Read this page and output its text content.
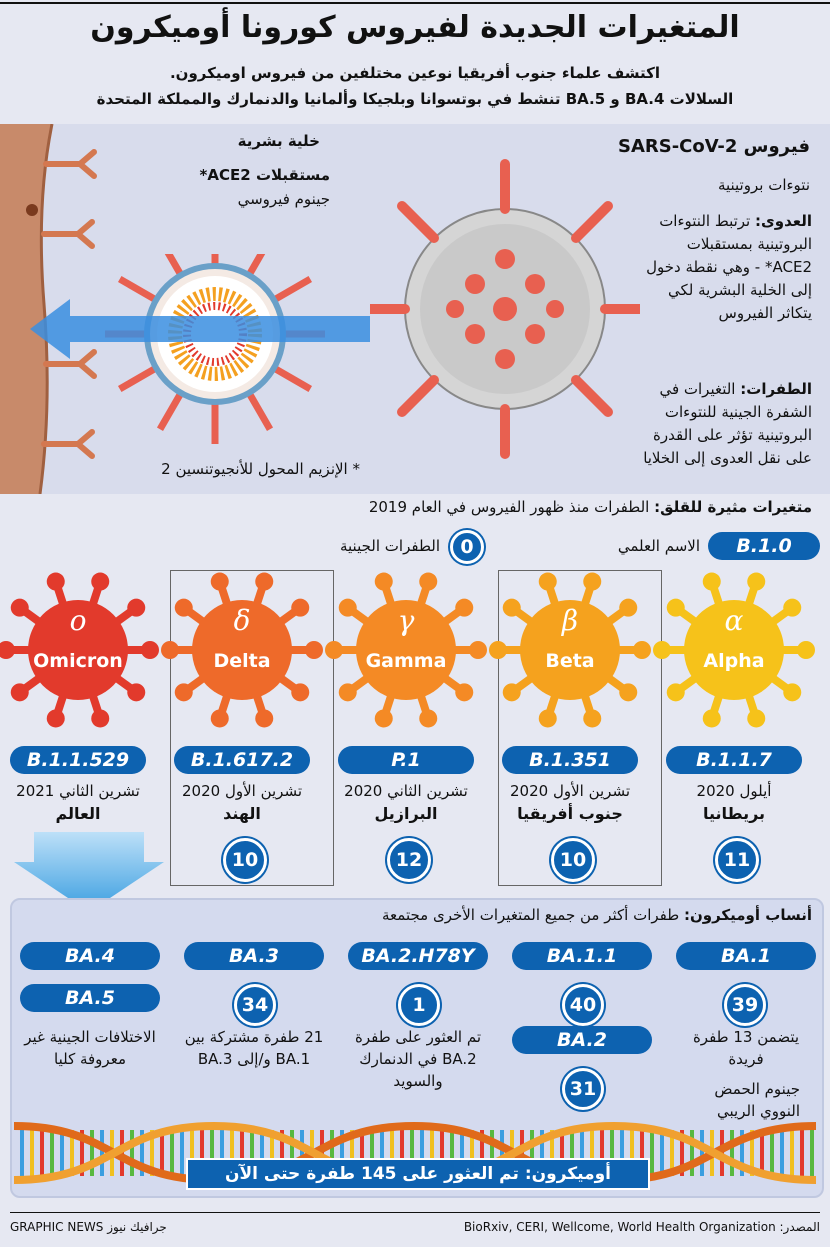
المتغيرات الجديدة لفيروس كورونا أوميكرون
اكتشف علماء جنوب أفريقيا نوعين مختلفين من فيروس اوميكرون.
السلالات BA.4 و BA.5 تنشط في بوتسوانا وبلجيكا وألمانيا والدنمارك والمملكة المتحدة
خلية بشرية
مستقبلات ACE2*
جينوم فيروسي
فيروس SARS-CoV-2
نتوءات بروتينية
العدوى: ترتبط النتوءات البروتينية بمستقبلات ACE2* - وهي نقطة دخول إلى الخلية البشرية لكي يتكاثر الفيروس
الطفرات: التغيرات في الشفرة الجينية للنتوءات البروتينية تؤثر على القدرة على نقل العدوى إلى الخلايا
* الإنزيم المحول للأنجيوتنسين 2
متغيرات مثيرة للقلق: الطفرات منذ ظهور الفيروس في العام 2019
B.1.0
الاسم العلمي
0
الطفرات الجينية
α
Alpha
B.1.1.7
أيلول 2020
بريطانيا
11
β
Beta
B.1.351
تشرين الأول 2020
جنوب أفريقيا
10
γ
Gamma
P.1
تشرين الثاني 2020
البرازيل
12
δ
Delta
B.1.617.2
تشرين الأول 2020
الهند
10
ο
Omicron
B.1.1.529
تشرين الثاني 2021
العالم
أنساب أوميكرون: طفرات أكثر من جميع المتغيرات الأخرى مجتمعة
BA.1
39
يتضمن 13 طفرة فريدة
BA.1.1
40
BA.2
31
BA.2.H78Y
1
تم العثور على طفرة BA.2 في الدنمارك والسويد
BA.3
34
21 طفرة مشتركة بين BA.1 و/إلى BA.3
BA.4
BA.5
الاختلافات الجينية غير معروفة كليا
جينوم الحمض النووي الريبي
أوميكرون: تم العثور على 145 طفرة حتى الآن
المصدر: BioRxiv, CERI, Wellcome, World Health Organization
GRAPHIC NEWS جرافيك نيوز
